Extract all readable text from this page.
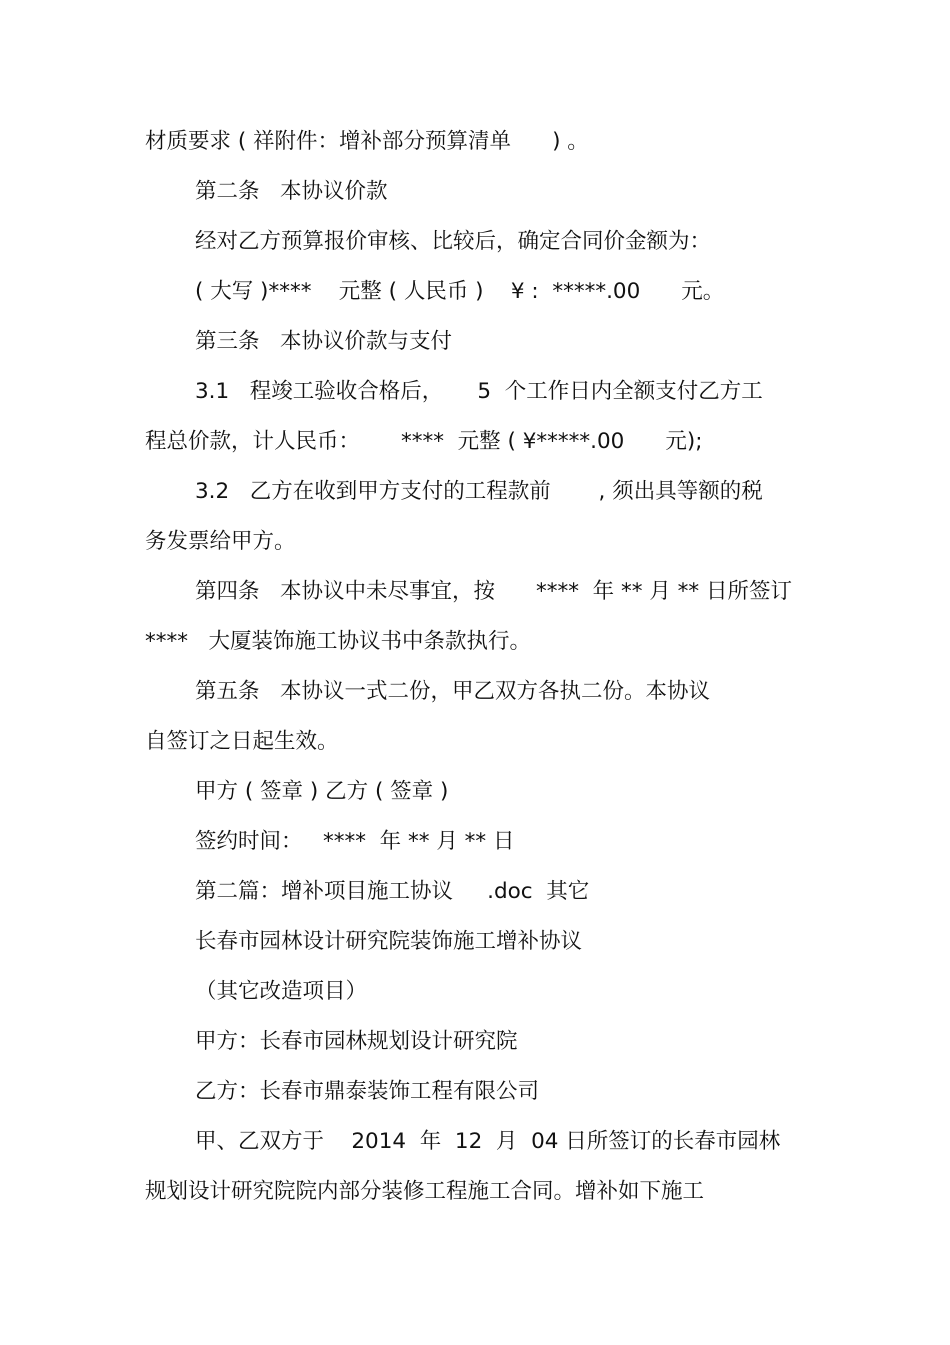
材质要求 ( 祥附件：增补部分预算清单      ) 。
第二条   本协议价款
经对乙方预算报价审核、比较后，确定合同价金额为：
( 大写 )****    元整 ( 人民币 )    ¥ :  *****.00      元。
第三条   本协议价款与支付
3.1   程竣工验收合格后，     5  个工作日内全额支付乙方工
程总价款，计人民币：      ****  元整 ( ¥*****.00      元);
3.2   乙方在收到甲方支付的工程款前       , 须出具等额的税
务发票给甲方。
第四条   本协议中未尽事宜，按      ****  年 ** 月 ** 日所签订
****   大厦装饰施工协议书中条款执行。
第五条   本协议一式二份，甲乙双方各执二份。本协议
自签订之日起生效。
甲方 ( 签章 ) 乙方 ( 签章 )
签约时间：   ****  年 ** 月 ** 日
第二篇：增补项目施工协议     .doc  其它
长春市园林设计研究院装饰施工增补协议
（其它改造项目）
甲方：长春市园林规划设计研究院
乙方：长春市鼎泰装饰工程有限公司
甲、乙双方于    2014  年  12  月  04 日所签订的长春市园林
规划设计研究院院内部分装修工程施工合同。增补如下施工
